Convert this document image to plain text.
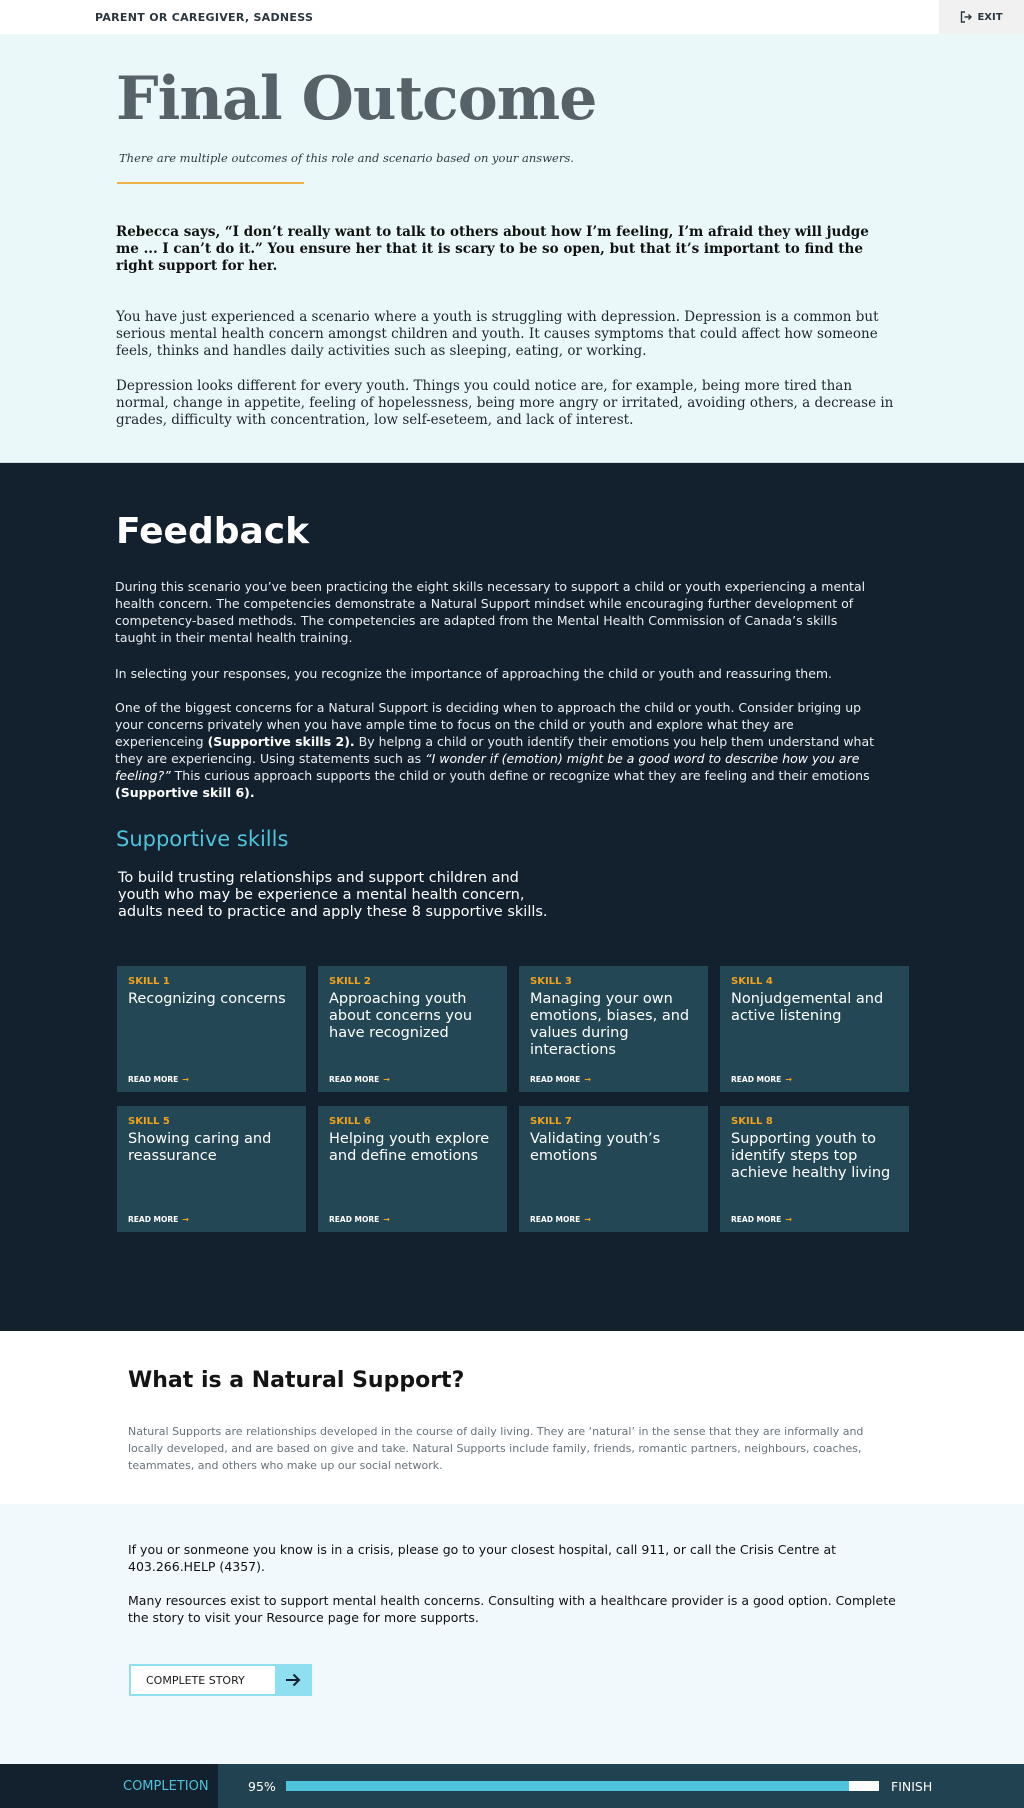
PARENT OR CAREGIVER, SADNESS	EXIT
Final Outcome
There are multiple outcomes of this role and scenario based on your answers.
Rebecca says, “I don’t really want to talk to others about how I’m feeling, I’m afraid they will judge me ... I can’t do it.” You ensure her that it is scary to be so open, but that it’s important to find the right support for her.
You have just experienced a scenario where a youth is struggling with depression. Depression is a common but serious mental health concern amongst children and youth. It causes symptoms that could affect how someone feels, thinks and handles daily activities such as sleeping, eating, or working.
Depression looks different for every youth. Things you could notice are, for example, being more tired than normal, change in appetite, feeling of hopelessness, being more angry or irritated, avoiding others, a decrease in grades, difficulty with concentration, low self-eseteem, and lack of interest.
Feedback
During this scenario you’ve been practicing the eight skills necessary to support a child or youth experiencing a mental health concern. The competencies demonstrate a Natural Support mindset while encouraging further development of competency-based methods. The competencies are adapted from the Mental Health Commission of Canada’s skills taught in their mental health training.
In selecting your responses, you recognize the importance of approaching the child or youth and reassuring them.
One of the biggest concerns for a Natural Support is deciding when to approach the child or youth. Consider briging up your concerns privately when you have ample time to focus on the child or youth and explore what they are experienceing (Supportive skills 2). By helpng a child or youth identify their emotions you help them understand what they are experiencing. Using statements such as “I wonder if (emotion) might be a good word to describe how you are feeling?” This curious approach supports the child or youth define or recognize what they are feeling and their emotions (Supportive skill 6).
Supportive skills
To build trusting relationships and support children and youth who may be experience a mental health concern, adults need to practice and apply these 8 supportive skills.
SKILL 1
Recognizing concerns
READ MORE →
SKILL 2
Approaching youth about concerns you have recognized
READ MORE →
SKILL 3
Managing your own emotions, biases, and values during interactions
READ MORE →
SKILL 4
Nonjudgemental and active listening
READ MORE →
SKILL 5
Showing caring and reassurance
READ MORE →
SKILL 6
Helping youth explore and define emotions
READ MORE →
SKILL 7
Validating youth’s emotions
READ MORE →
SKILL 8
Supporting youth to identify steps top achieve healthy living
READ MORE →
What is a Natural Support?

Natural Supports are relationships developed in the course of daily living. They are ‘natural’ in the sense that they are informally and locally developed, and are based on give and take. Natural Supports include family, friends, romantic partners, neighbours, coaches, teammates, and others who make up our social network.

If you or sonmeone you know is in a crisis, please go to your closest hospital, call 911, or call the Crisis Centre at 403.266.HELP (4357).

Many resources exist to support mental health concerns. Consulting with a healthcare provider is a good option. Complete the story to visit your Resource page for more supports.

COMPLETE STORY
COMPLETION	95%	FINISH
